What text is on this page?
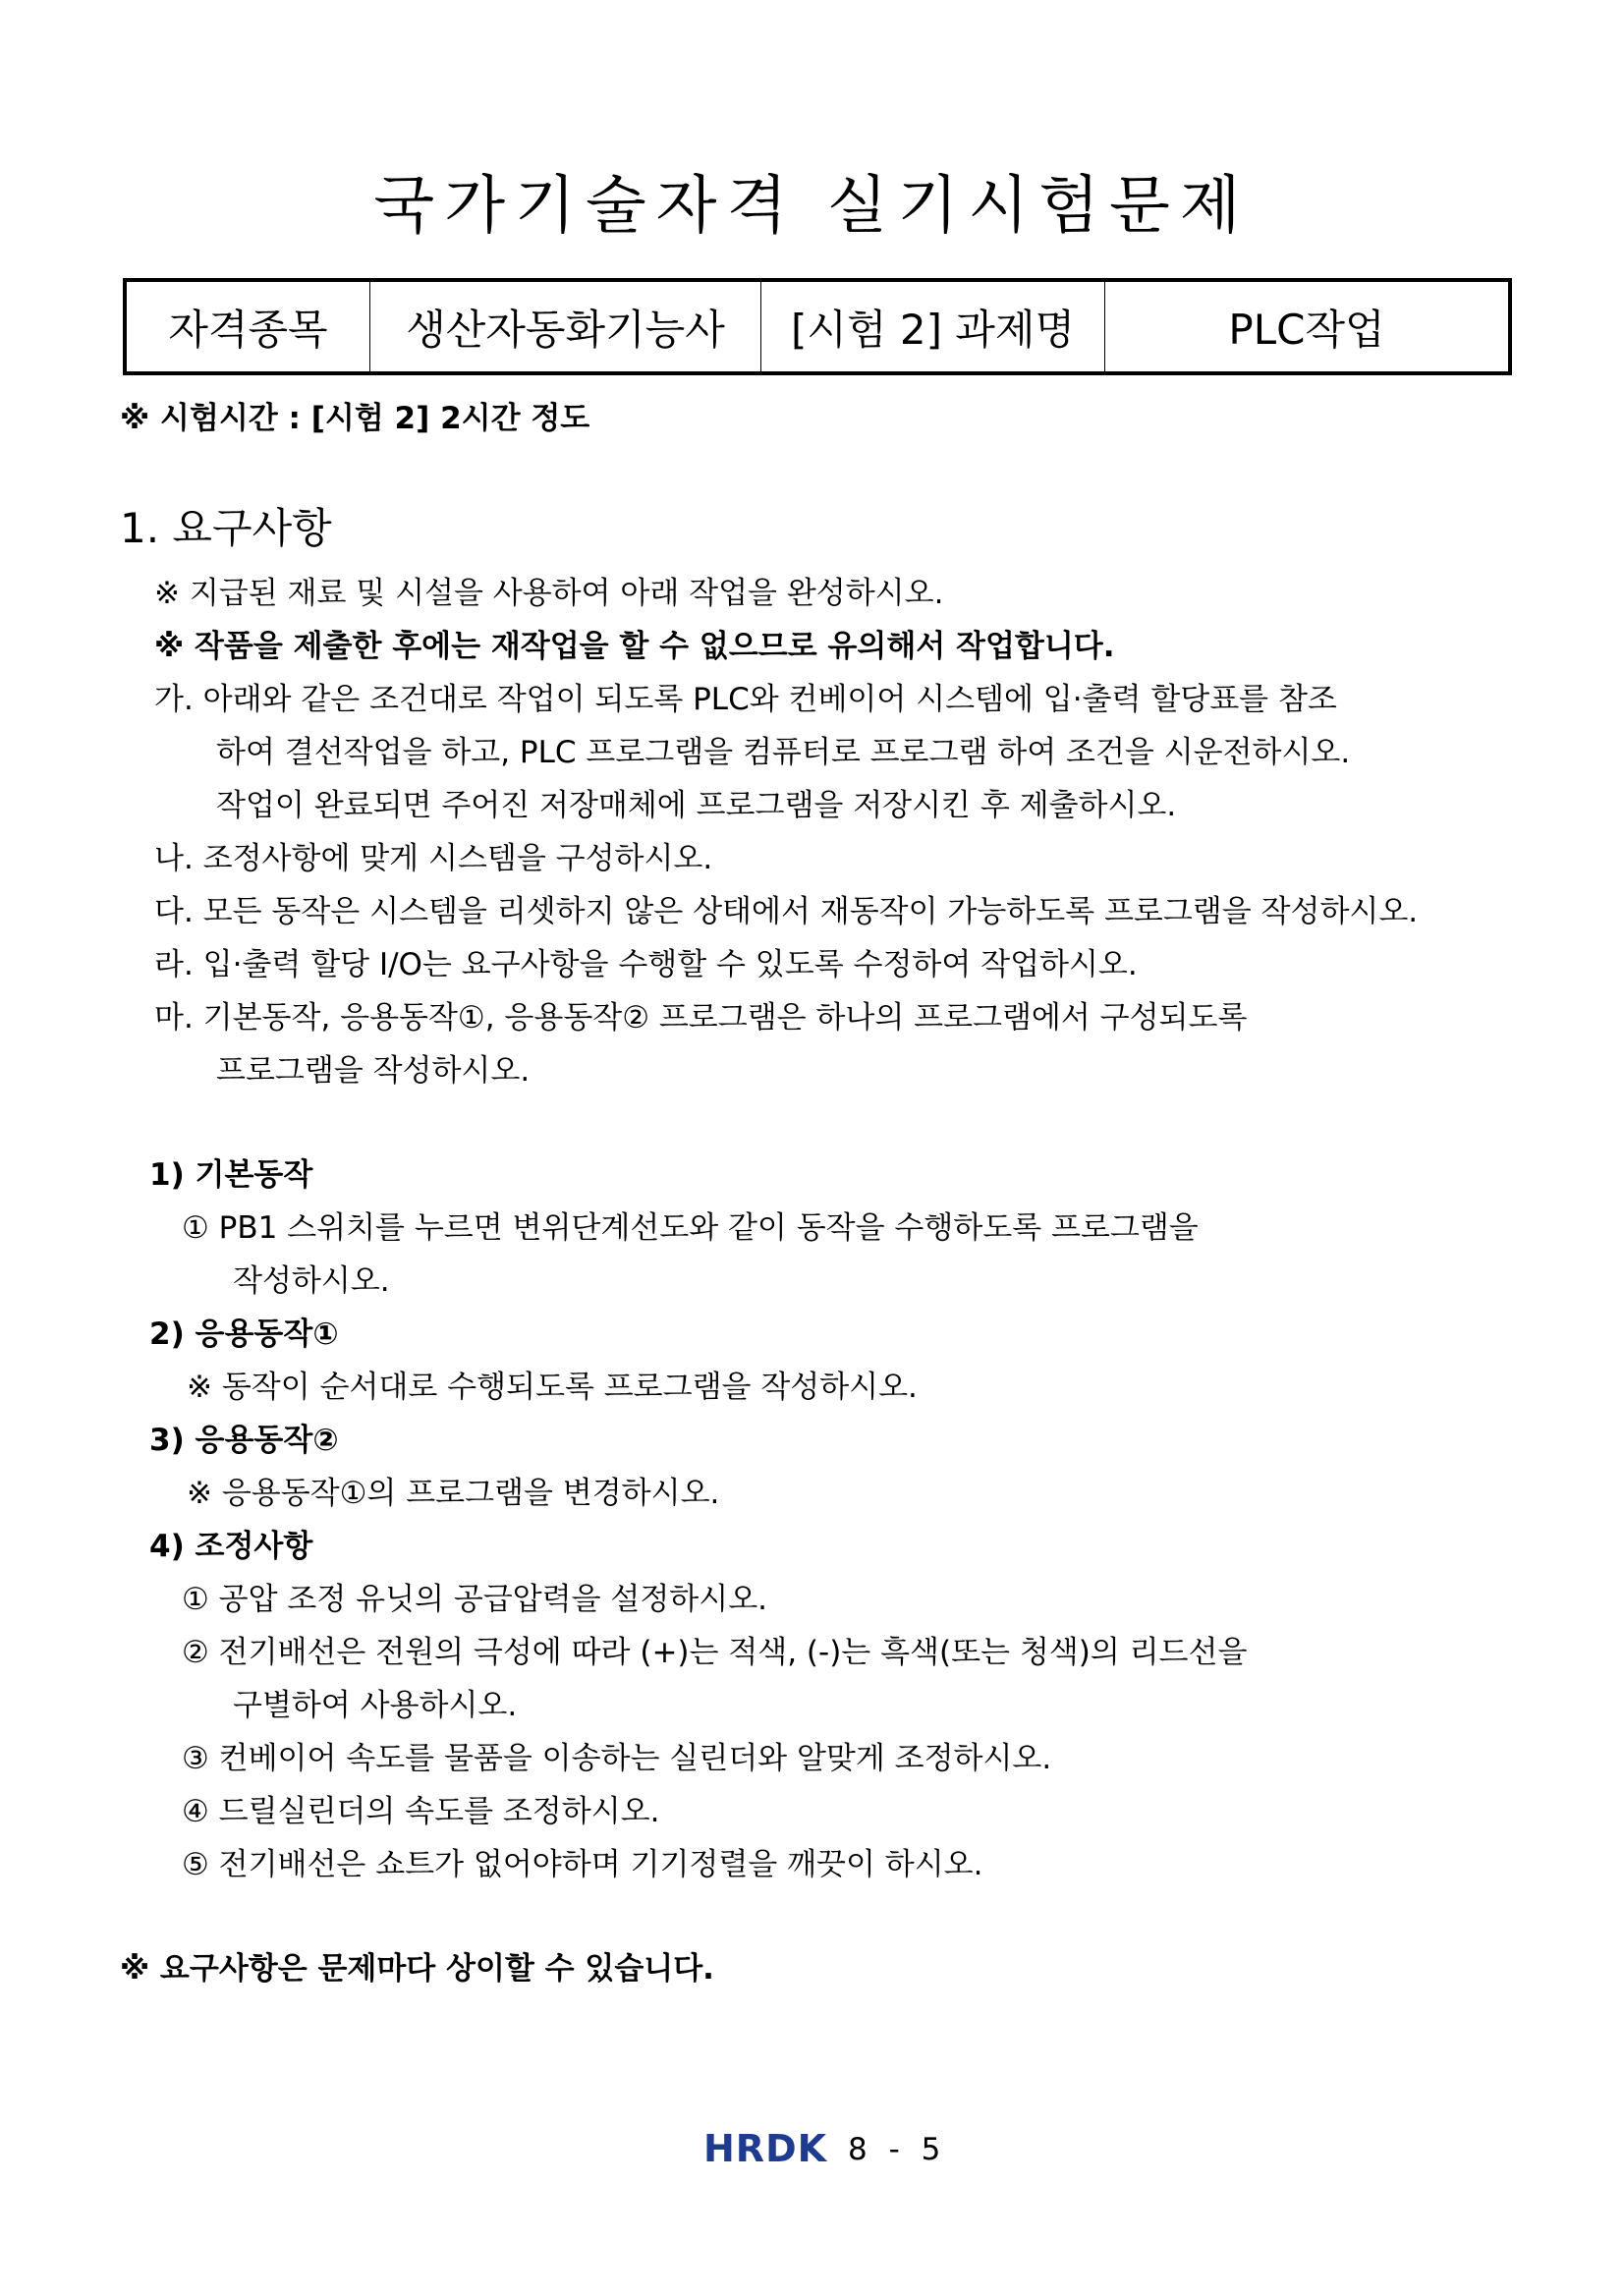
국가기술자격 실기시험문제
자격종목	생산자동화기능사	[시험 2] 과제명	PLC작업
※ 시험시간 : [시험 2] 2시간 정도
1. 요구사항
※ 지급된 재료 및 시설을 사용하여 아래 작업을 완성하시오.
※ 작품을 제출한 후에는 재작업을 할 수 없으므로 유의해서 작업합니다.
가. 아래와 같은 조건대로 작업이 되도록 PLC와 컨베이어 시스템에 입·출력 할당표를 참조
하여 결선작업을 하고, PLC 프로그램을 컴퓨터로 프로그램 하여 조건을 시운전하시오.
작업이 완료되면 주어진 저장매체에 프로그램을 저장시킨 후 제출하시오.
나. 조정사항에 맞게 시스템을 구성하시오.
다. 모든 동작은 시스템을 리셋하지 않은 상태에서 재동작이 가능하도록 프로그램을 작성하시오.
라. 입·출력 할당 I/O는 요구사항을 수행할 수 있도록 수정하여 작업하시오.
마. 기본동작, 응용동작①, 응용동작② 프로그램은 하나의 프로그램에서 구성되도록
프로그램을 작성하시오.
1) 기본동작
① PB1 스위치를 누르면 변위단계선도와 같이 동작을 수행하도록 프로그램을
작성하시오.
2) 응용동작①
※ 동작이 순서대로 수행되도록 프로그램을 작성하시오.
3) 응용동작②
※ 응용동작①의 프로그램을 변경하시오.
4) 조정사항
① 공압 조정 유닛의 공급압력을 설정하시오.
② 전기배선은 전원의 극성에 따라 (+)는 적색, (-)는 흑색(또는 청색)의 리드선을
구별하여 사용하시오.
③ 컨베이어 속도를 물품을 이송하는 실린더와 알맞게 조정하시오.
④ 드릴실린더의 속도를 조정하시오.
⑤ 전기배선은 쇼트가 없어야하며 기기정렬을 깨끗이 하시오.
※ 요구사항은 문제마다 상이할 수 있습니다.
HRDK 8 - 5
